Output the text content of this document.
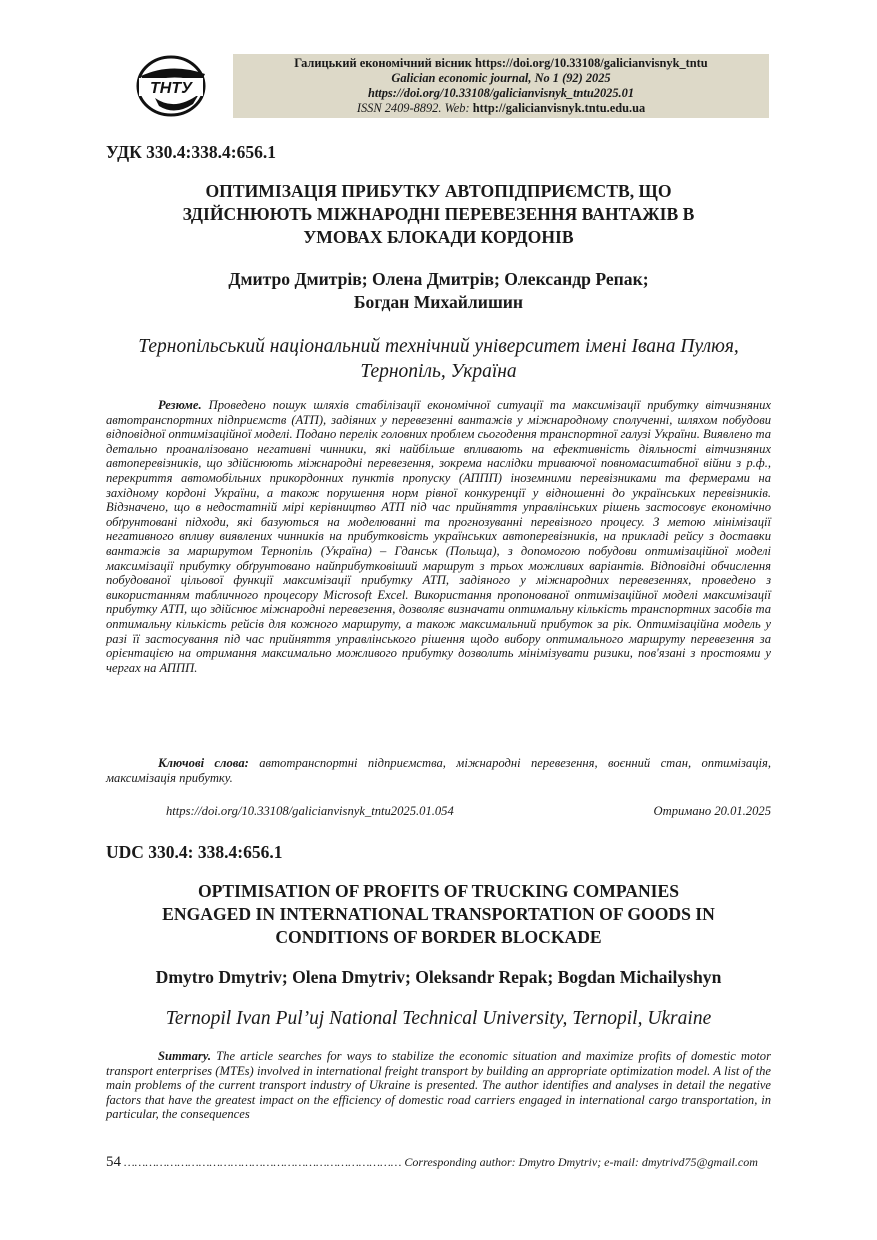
ТНТУ
Галицький економічний вісник https://doi.org/10.33108/galicianvisnyk_tntu
Galician economic journal, No 1 (92) 2025
https://doi.org/10.33108/galicianvisnyk_tntu2025.01
ISSN 2409-8892. Web: http://galicianvisnyk.tntu.edu.ua
УДК 330.4:338.4:656.1
ОПТИМІЗАЦІЯ ПРИБУТКУ АВТОПІДПРИЄМСТВ, ЩО
ЗДІЙСНЮЮТЬ МІЖНАРОДНІ ПЕРЕВЕЗЕННЯ ВАНТАЖІВ В
УМОВАХ БЛОКАДИ КОРДОНІВ
Дмитро Дмитрів; Олена Дмитрів; Олександр Репак;
Богдан Михайлишин
Тернопільський національний технічний університет імені Івана Пулюя,
Тернопіль, Україна
Резюме. Проведено пошук шляхів стабілізації економічної ситуації та максимізації прибутку вітчизняних автотранспортних підприємств (АТП), задіяних у перевезенні вантажів у міжнародному сполученні, шляхом побудови відповідної оптимізаційної моделі. Подано перелік головних проблем сьогодення транспортної галузі України. Виявлено та детально проаналізовано негативні чинники, які найбільше впливають на ефективність діяльності вітчизняних автоперевізників, що здійснюють міжнародні перевезення, зокрема наслідки триваючої повномасштабної війни з р.ф., перекриття автомобільних прикордонних пунктів пропуску (АППП) іноземними перевізниками та фермерами на західному кордоні України, а також порушення норм рівної конкуренції у відношенні до українських перевізників. Відзначено, що в недостатній мірі керівництво АТП під час прийняття управлінських рішень застосовує економічно обґрунтовані підходи, які базуються на моделюванні та прогнозуванні перевізного процесу. З метою мінімізації негативного впливу виявлених чинників на прибутковість українських автоперевізників, на прикладі рейсу з доставки вантажів за маршрутом Тернопіль (Україна) – Гданськ (Польща), з допомогою побудови оптимізаційної моделі максимізації прибутку обґрунтовано найприбутковіший маршрут з трьох можливих варіантів. Відповідні обчислення побудованої цільової функції максимізації прибутку АТП, задіяного у міжнародних перевезеннях, проведено з використанням табличного процесору Microsoft Excel. Використання пропонованої оптимізаційної моделі максимізації прибутку АТП, що здійснює міжнародні перевезення, дозволяє визначати оптимальну кількість транспортних засобів та оптимальну кількість рейсів для кожного маршруту, а також максимальний прибуток за рік. Оптимізаційна модель у разі її застосування під час прийняття управлінського рішення щодо вибору оптимального маршруту перевезення за орієнтацією на отримання максимально можливого прибутку дозволить мінімізувати ризики, пов'язані з простоями у чергах на АППП.
Ключові слова: автотранспортні підприємства, міжнародні перевезення, воєнний стан, оптимізація, максимізація прибутку.
https://doi.org/10.33108/galicianvisnyk_tntu2025.01.054	Отримано 20.01.2025
UDC 330.4: 338.4:656.1
OPTIMISATION OF PROFITS OF TRUCKING COMPANIES
ENGAGED IN INTERNATIONAL TRANSPORTATION OF GOODS IN
CONDITIONS OF BORDER BLOCKADE
Dmytro Dmytriv; Olena Dmytriv; Oleksandr Repak; Bogdan Michailyshyn
Ternopil Ivan Pul’uj National Technical University, Ternopil, Ukraine
Summary. The article searches for ways to stabilize the economic situation and maximize profits of domestic motor transport enterprises (MTEs) involved in international freight transport by building an appropriate optimization model. A list of the main problems of the current transport industry of Ukraine is presented. The author identifies and analyses in detail the negative factors that have the greatest impact on the efficiency of domestic road carriers engaged in international cargo transportation, in particular, the consequences
54 …………………………………………………………………… Corresponding author: Dmytro Dmytriv; e-mail: dmytrivd75@gmail.com
